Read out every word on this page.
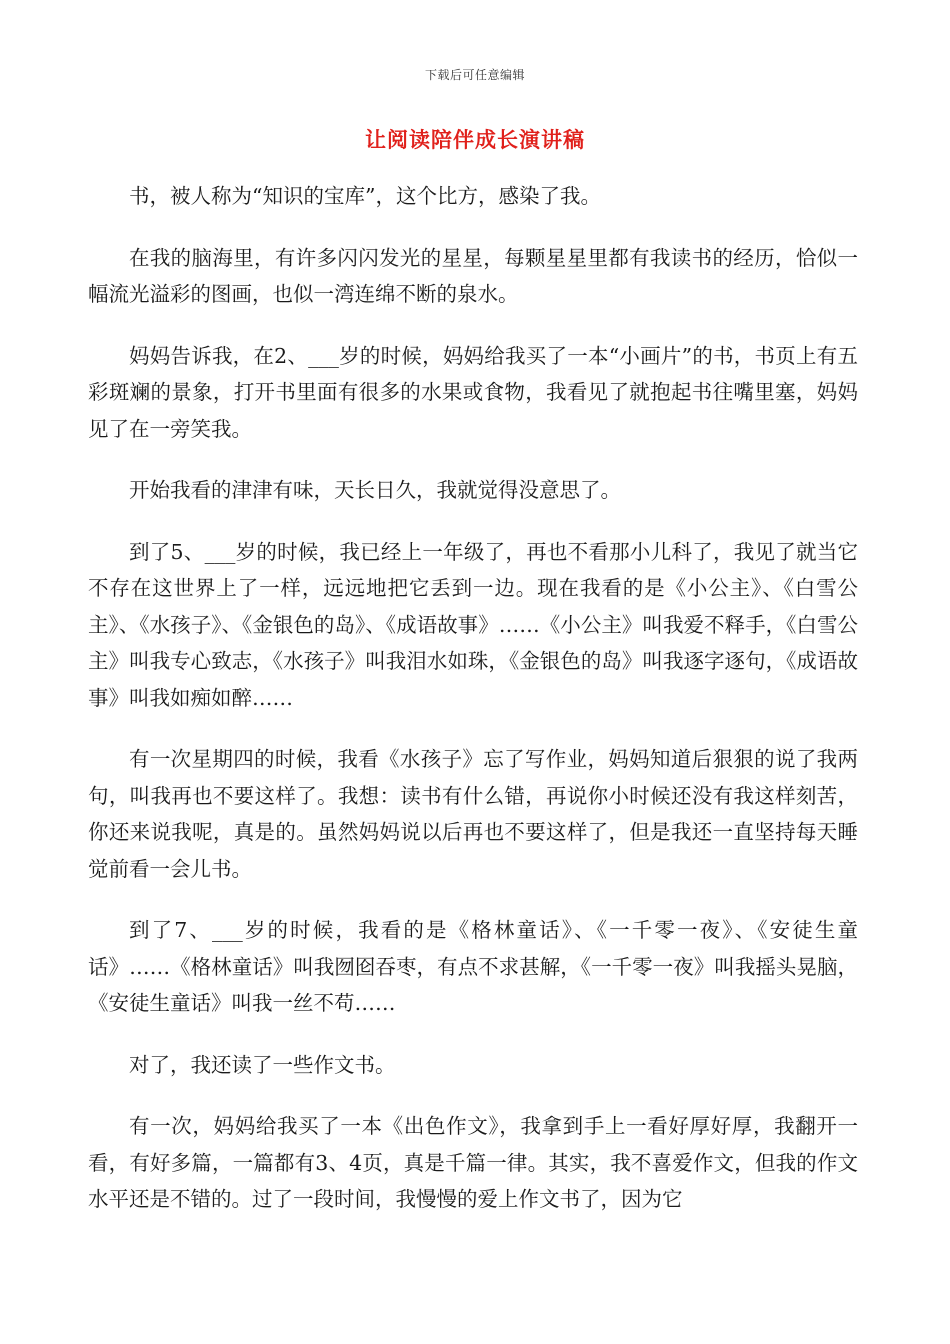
下载后可任意编辑
让阅读陪伴成长演讲稿

书，被人称为“知识的宝库”，这个比方，感染了我。

在我的脑海里，有许多闪闪发光的星星，每颗星星里都有我读书的经历，恰似一幅流光溢彩的图画，也似一湾连绵不断的泉水。

妈妈告诉我，在2、___岁的时候，妈妈给我买了一本“小画片”的书，书页上有五彩斑斓的景象，打开书里面有很多的水果或食物，我看见了就抱起书往嘴里塞，妈妈见了在一旁笑我。

开始我看的津津有味，天长日久，我就觉得没意思了。

到了5、___岁的时候，我已经上一年级了，再也不看那小儿科了，我见了就当它不存在这世界上了一样，远远地把它丢到一边。现在我看的是《小公主》、《白雪公主》、《水孩子》、《金银色的岛》、《成语故事》……《小公主》叫我爱不释手，《白雪公主》叫我专心致志，《水孩子》叫我泪水如珠，《金银色的岛》叫我逐字逐句，《成语故事》叫我如痴如醉……

有一次星期四的时候，我看《水孩子》忘了写作业，妈妈知道后狠狠的说了我两句，叫我再也不要这样了。我想：读书有什么错，再说你小时候还没有我这样刻苦，你还来说我呢，真是的。虽然妈妈说以后再也不要这样了，但是我还一直坚持每天睡觉前看一会儿书。

到了7、___岁的时候，我看的是《格林童话》、《一千零一夜》、《安徒生童话》……《格林童话》叫我囫囵吞枣，有点不求甚解，《一千零一夜》叫我摇头晃脑，《安徒生童话》叫我一丝不苟……

对了，我还读了一些作文书。

有一次，妈妈给我买了一本《出色作文》，我拿到手上一看好厚好厚，我翻开一看，有好多篇，一篇都有3、4页，真是千篇一律。其实，我不喜爱作文，但我的作文水平还是不错的。过了一段时间，我慢慢的爱上作文书了，因为它
